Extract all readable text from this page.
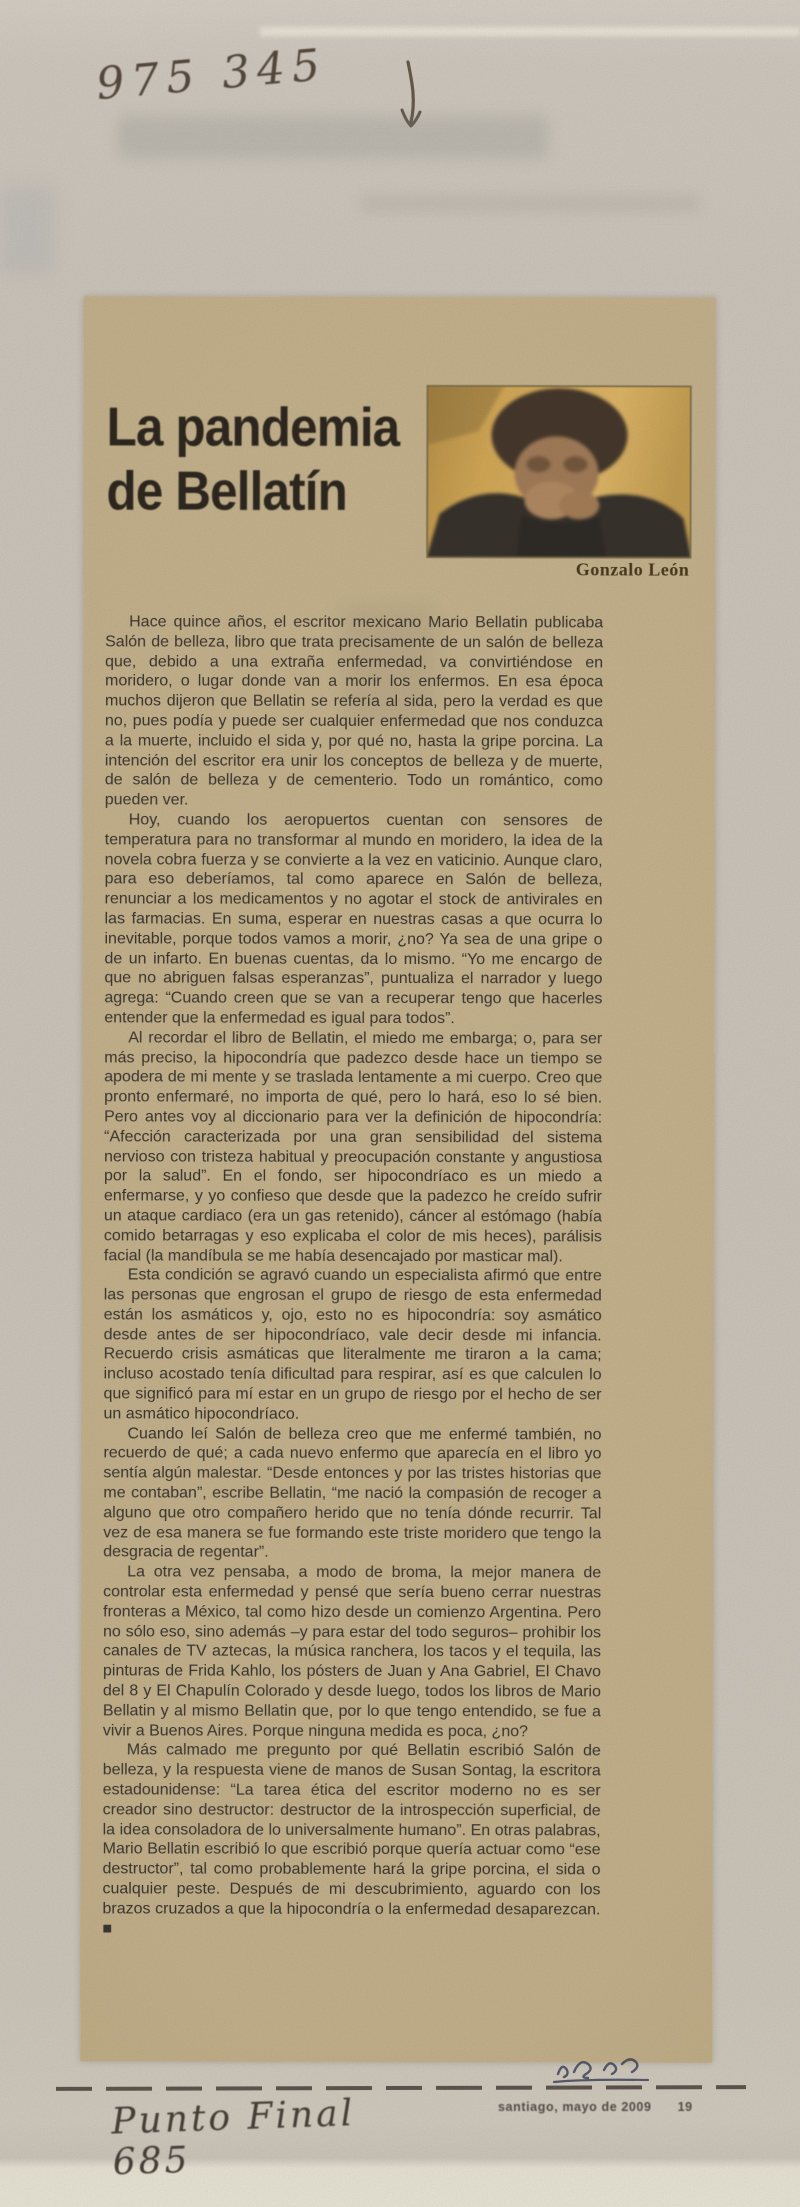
975 345
La pandemia
de Bellatín
Gonzalo León

Hace quince años, el escritor mexicano Mario Bellatin publicaba Salón de belleza, libro que trata precisamente de un salón de belleza que, debido a una extraña enfermedad, va convirtiéndose en moridero, o lugar donde van a morir los enfermos. En esa época muchos dijeron que Bellatin se refería al sida, pero la verdad es que no, pues podía y puede ser cualquier enfermedad que nos conduzca a la muerte, incluido el sida y, por qué no, hasta la gripe porcina. La intención del escritor era unir los conceptos de belleza y de muerte, de salón de belleza y de cementerio. Todo un romántico, como pueden ver.

Hoy, cuando los aeropuertos cuentan con sensores de temperatura para no transformar al mundo en moridero, la idea de la novela cobra fuerza y se convierte a la vez en vaticinio. Aunque claro, para eso deberíamos, tal como aparece en Salón de belleza, renunciar a los medicamentos y no agotar el stock de antivirales en las farmacias. En suma, esperar en nuestras casas a que ocurra lo inevitable, porque todos vamos a morir, ¿no? Ya sea de una gripe o de un infarto. En buenas cuentas, da lo mismo. “Yo me encargo de que no abriguen falsas esperanzas”, puntualiza el narrador y luego agrega: “Cuando creen que se van a recuperar tengo que hacerles entender que la enfermedad es igual para todos”.

Al recordar el libro de Bellatin, el miedo me embarga; o, para ser más preciso, la hipocondría que padezco desde hace un tiempo se apodera de mi mente y se traslada lentamente a mi cuerpo. Creo que pronto enfermaré, no importa de qué, pero lo hará, eso lo sé bien. Pero antes voy al diccionario para ver la definición de hipocondría: “Afección caracterizada por una gran sensibilidad del sistema nervioso con tristeza habitual y preocupación constante y angustiosa por la salud”. En el fondo, ser hipocondríaco es un miedo a enfermarse, y yo confieso que desde que la padezco he creído sufrir un ataque cardiaco (era un gas retenido), cáncer al estómago (había comido betarragas y eso explicaba el color de mis heces), parálisis facial (la mandíbula se me había desencajado por masticar mal).

Esta condición se agravó cuando un especialista afirmó que entre las personas que engrosan el grupo de riesgo de esta enfermedad están los asmáticos y, ojo, esto no es hipocondría: soy asmático desde antes de ser hipocondríaco, vale decir desde mi infancia. Recuerdo crisis asmáticas que literalmente me tiraron a la cama; incluso acostado tenía dificultad para respirar, así es que calculen lo que significó para mí estar en un grupo de riesgo por el hecho de ser un asmático hipocondríaco.

Cuando leí Salón de belleza creo que me enfermé también, no recuerdo de qué; a cada nuevo enfermo que aparecía en el libro yo sentía algún malestar. “Desde entonces y por las tristes historias que me contaban”, escribe Bellatin, “me nació la compasión de recoger a alguno que otro compañero herido que no tenía dónde recurrir. Tal vez de esa manera se fue formando este triste moridero que tengo la desgracia de regentar”.

La otra vez pensaba, a modo de broma, la mejor manera de controlar esta enfermedad y pensé que sería bueno cerrar nuestras fronteras a México, tal como hizo desde un comienzo Argentina. Pero no sólo eso, sino además –y para estar del todo seguros– prohibir los canales de TV aztecas, la música ranchera, los tacos y el tequila, las pinturas de Frida Kahlo, los pósters de Juan y Ana Gabriel, El Chavo del 8 y El Chapulín Colorado y desde luego, todos los libros de Mario Bellatin y al mismo Bellatin que, por lo que tengo entendido, se fue a vivir a Buenos Aires. Porque ninguna medida es poca, ¿no?

Más calmado me pregunto por qué Bellatin escribió Salón de belleza, y la respuesta viene de manos de Susan Sontag, la escritora estadounidense: “La tarea ética del escritor moderno no es ser creador sino destructor: destructor de la introspección superficial, de la idea consoladora de lo universalmente humano”. En otras palabras, Mario Bellatin escribió lo que escribió porque quería actuar como “ese destructor”, tal como probablemente hará la gripe porcina, el sida o cualquier peste. Después de mi descubrimiento, aguardo con los brazos cruzados a que la hipocondría o la enfermedad desaparezcan. ■

Punto Final 685
santiago, mayo de 2009 19
